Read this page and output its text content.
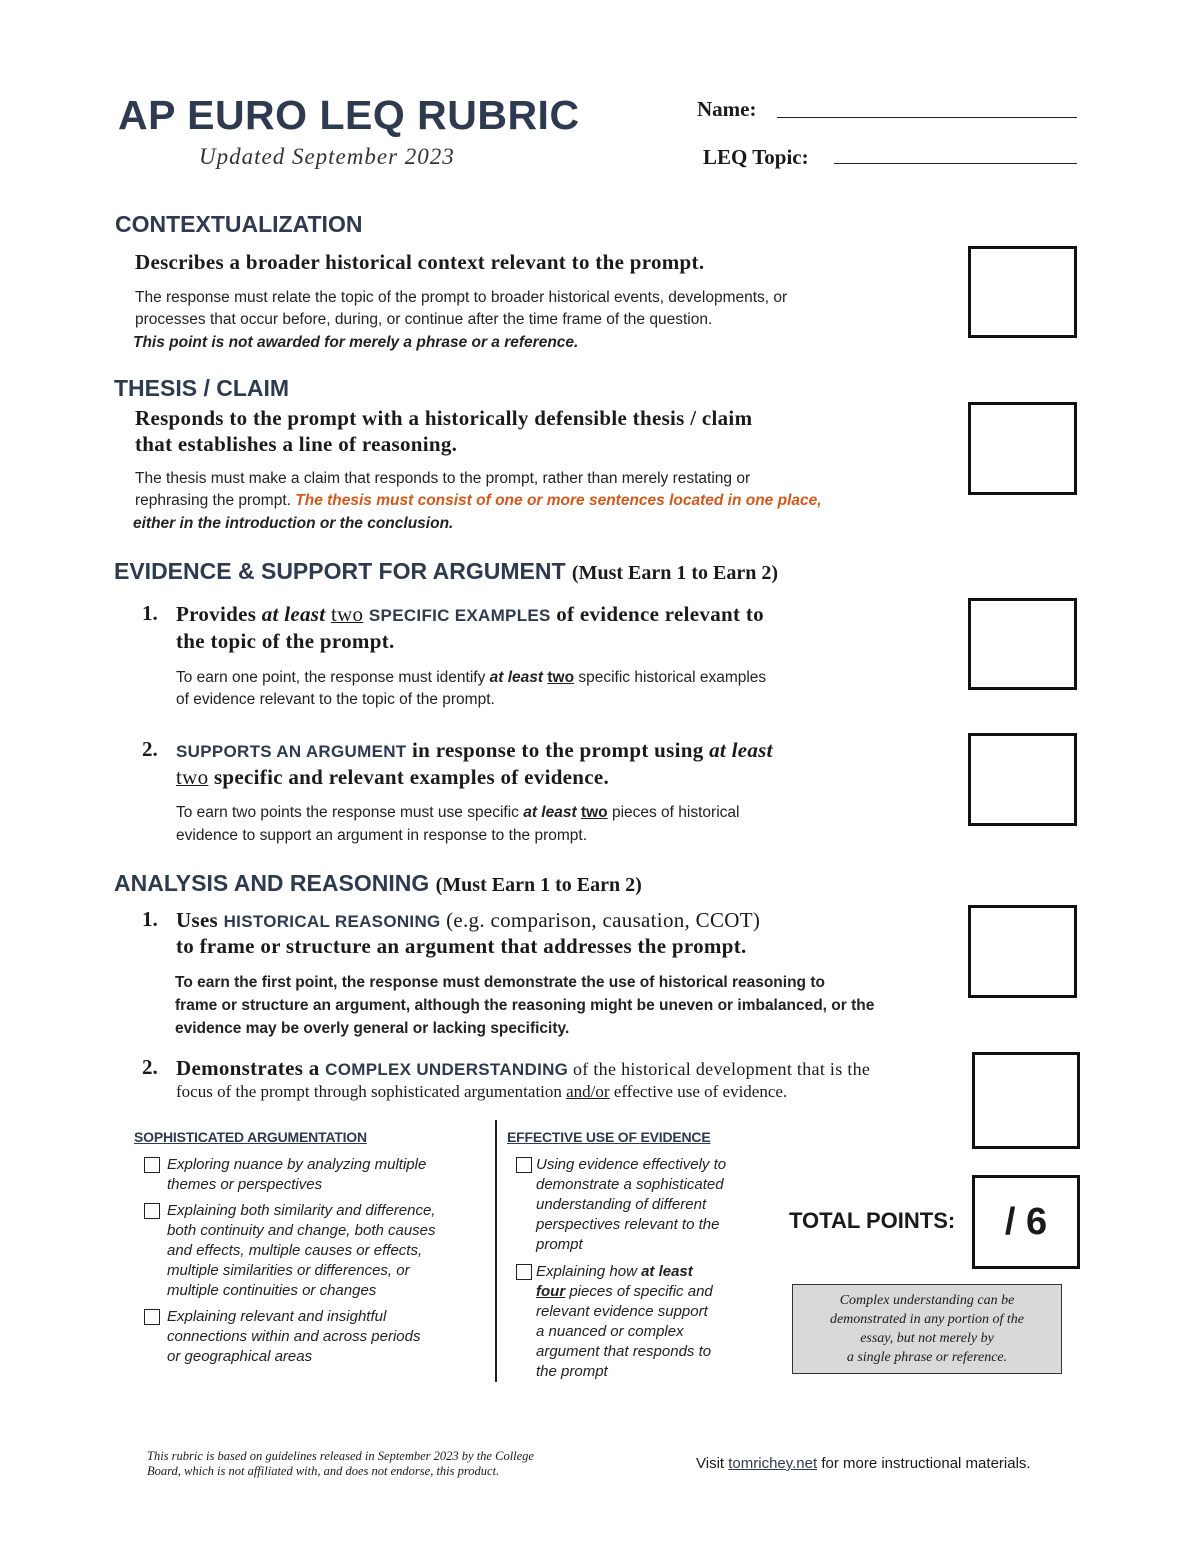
AP EURO LEQ RUBRIC
Updated September 2023
Name:
LEQ Topic:
CONTEXTUALIZATION
Describes a broader historical context relevant to the prompt.
The response must relate the topic of the prompt to broader historical events, developments, or
processes that occur before, during, or continue after the time frame of the question.
This point is not awarded for merely a phrase or a reference.
THESIS / CLAIM
Responds to the prompt with a historically defensible thesis / claim
that establishes a line of reasoning.
The thesis must make a claim that responds to the prompt, rather than merely restating or
rephrasing the prompt. The thesis must consist of one or more sentences located in one place,
either in the introduction or the conclusion.
EVIDENCE & SUPPORT FOR ARGUMENT (Must Earn 1 to Earn 2)
1. Provides at least two SPECIFIC EXAMPLES of evidence relevant to
the topic of the prompt.
To earn one point, the response must identify at least two specific historical examples
of evidence relevant to the topic of the prompt.
2. SUPPORTS AN ARGUMENT in response to the prompt using at least
two specific and relevant examples of evidence.
To earn two points the response must use specific at least two pieces of historical
evidence to support an argument in response to the prompt.
ANALYSIS AND REASONING (Must Earn 1 to Earn 2)
1. Uses HISTORICAL REASONING (e.g. comparison, causation, CCOT)
to frame or structure an argument that addresses the prompt.
To earn the first point, the response must demonstrate the use of historical reasoning to
frame or structure an argument, although the reasoning might be uneven or imbalanced, or the
evidence may be overly general or lacking specificity.
2. Demonstrates a COMPLEX UNDERSTANDING of the historical development that is the
focus of the prompt through sophisticated argumentation and/or effective use of evidence.
SOPHISTICATED ARGUMENTATION
Exploring nuance by analyzing multiple
themes or perspectives
Explaining both similarity and difference,
both continuity and change, both causes
and effects, multiple causes or effects,
multiple similarities or differences, or
multiple continuities or changes
Explaining relevant and insightful
connections within and across periods
or geographical areas
EFFECTIVE USE OF EVIDENCE
Using evidence effectively to
demonstrate a sophisticated
understanding of different
perspectives relevant to the
prompt
Explaining how at least
four pieces of specific and
relevant evidence support
a nuanced or complex
argument that responds to
the prompt
TOTAL POINTS: / 6
Complex understanding can be
demonstrated in any portion of the
essay, but not merely by
a single phrase or reference.
This rubric is based on guidelines released in September 2023 by the College
Board, which is not affiliated with, and does not endorse, this product.	Visit tomrichey.net for more instructional materials.
